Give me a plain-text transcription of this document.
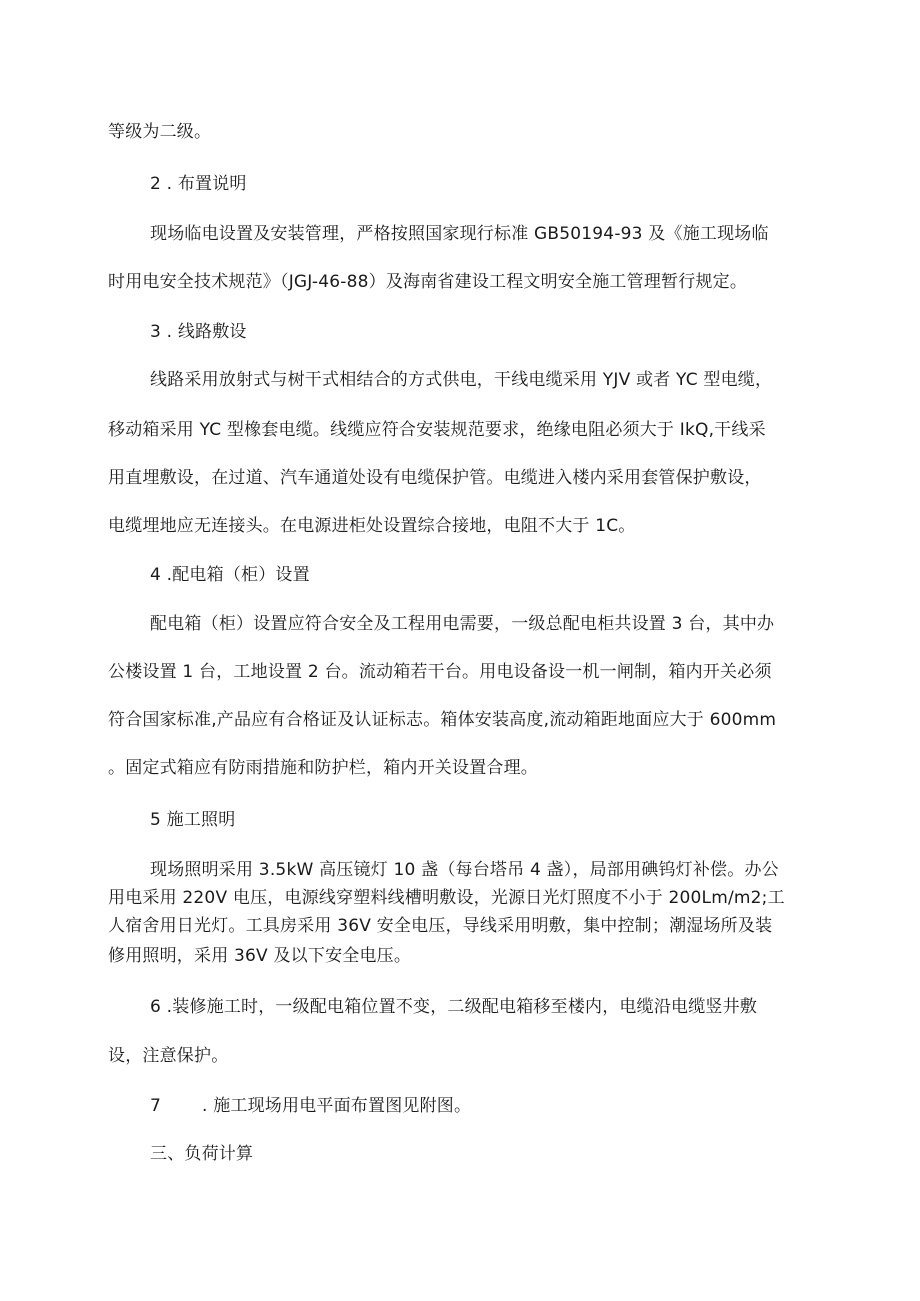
等级为二级。
2 . 布置说明
现场临电设置及安装管理，严格按照国家现行标准 GB50194-93 及《施工现场临
时用电安全技术规范》（JGJ-46-88）及海南省建设工程文明安全施工管理暂行规定。
3 . 线路敷设
线路采用放射式与树干式相结合的方式供电，干线电缆采用 YJV 或者 YC 型电缆，
移动箱采用 YC 型橡套电缆。线缆应符合安装规范要求，绝缘电阻必须大于 IkQ,干线采
用直埋敷设，在过道、汽车通道处设有电缆保护管。电缆进入楼内采用套管保护敷设，
电缆埋地应无连接头。在电源进柜处设置综合接地，电阻不大于 1C。
4 .配电箱（柜）设置
配电箱（柜）设置应符合安全及工程用电需要，一级总配电柜共设置 3 台，其中办
公楼设置 1 台，工地设置 2 台。流动箱若干台。用电设备设一机一闸制，箱内开关必须
符合国家标准,产品应有合格证及认证标志。箱体安装高度,流动箱距地面应大于 600mm
。固定式箱应有防雨措施和防护栏，箱内开关设置合理。
5 施工照明
现场照明采用 3.5kW 高压镜灯 10 盏（每台塔吊 4 盏），局部用碘钨灯补偿。办公
用电采用 220V 电压，电源线穿塑料线槽明敷设，光源日光灯照度不小于 200Lm∕m2;工
人宿舍用日光灯。工具房采用 36V 安全电压，导线采用明敷，集中控制；潮湿场所及装
修用照明，采用 36V 及以下安全电压。
6 .装修施工时，一级配电箱位置不变，二级配电箱移至楼内，电缆沿电缆竖井敷
设，注意保护。
7 . 施工现场用电平面布置图见附图。
三、负荷计算
